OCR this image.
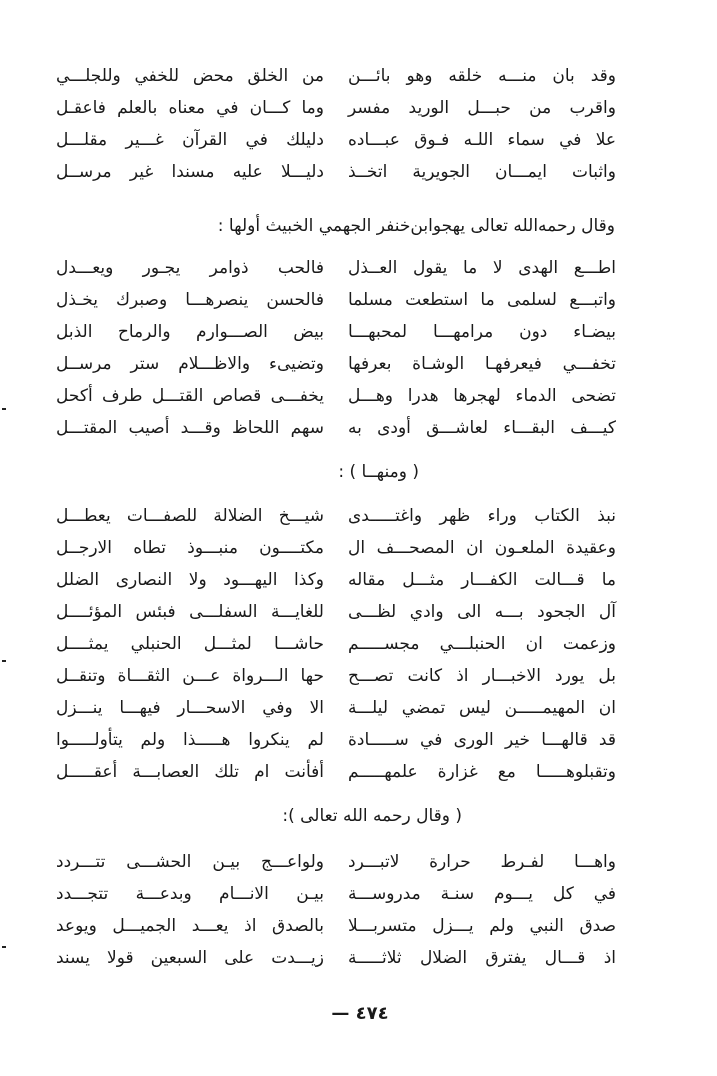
وقد بان منـــه خلقه وهو بائـــن
من الخلق محض للخفي وللجلـــي
واقرب من حبـــل الوريد مفسر
وما كـــان في معناه بالعلم فاعقـل
علا في سماء اللـه فـوق عبـــاده
دليلك في القرآن غـــير مقلـــل
واثبات ايمـــان الجويرية اتخــذ
دليـــلا عليه مسندا غير مرســل
وقال رحمه‌الله تعالى يهجوابن‌خنفر الجهمي الخبيث أولها :
اطـــع الهدى لا ما يقول العــذل
فالحب ذوامر يجـور ويعـــدل
واتبـــع لسلمى ما استطعت مسلما
فالحسن ينصرهـــا وصبرك يخـذل
بيضـاء دون مرامهـــا لمحبهـــا
بيض الصـــوارم والرماح الذبل
تخفـــي فيعرفهـا الوشـاة بعرفها
وتضيىء والاظـــلام ستر مرســل
تضحى الدماء لهجرها هدرا وهـــل
يخفـــى قصاص القتـــل طرف أكحل
كيـــف البقـــاء لعاشـــق أودى به
سهم اللحاظ وقـــد أصيب المقتـــل
( ومنهــا ) :
نبذ الكتاب وراء ظهر واغتـــــدى
شيـــخ الضلالة للصفـــات يعطـــل
وعقيدة الملعـون ان المصحـــف ال
مكتــــون منبـــوذ تطاه الارجــل
ما قـــالت الكفـــار مثـــل مقاله
وكذا اليهـــود ولا النصارى الضلل
آل الجحود بـــه الى وادي لظـــى
للغايـــة السفلـــى فبئس المؤئــــل
وزعمت ان الحنبلـــي مجســـــم
حاشـــا لمثـــل الحنبلي يمثــــل
بل يورد الاخبـــار اذ كانت تصـــح
حها الـــرواة عـــن الثقـــاة وتنقــل
ان المهيمـــــن ليس تمضي ليلـــة
الا وفي الاسحـــار فيهـــا ينـــزل
قد قالهـــا خير الورى في ســـــادة
لم ينكروا هـــــذا ولم يتأولـــــوا
وتقبلوهـــــا مع غزارة علمهـــــم
أفأنت ام تلك العصابـــة أعقـــــل
( وقال رحمه الله تعالى ):
واهـــا لفـرط حرارة لاتبـــرد
ولواعـــج بيـن الحشـــى تتـــردد
في كل يـــوم سنـة مدروســـة
بيـن الانـــام وبدعـــة تتجـــدد
صدق النبي ولم يـــزل متسربـــلا
بالصدق اذ يعـــد الجميـــل ويوعد
اذ قـــال يفترق الضلال ثلاثـــــة
زيـــدت على السبعين قولا يسند
٤٧٤ —
